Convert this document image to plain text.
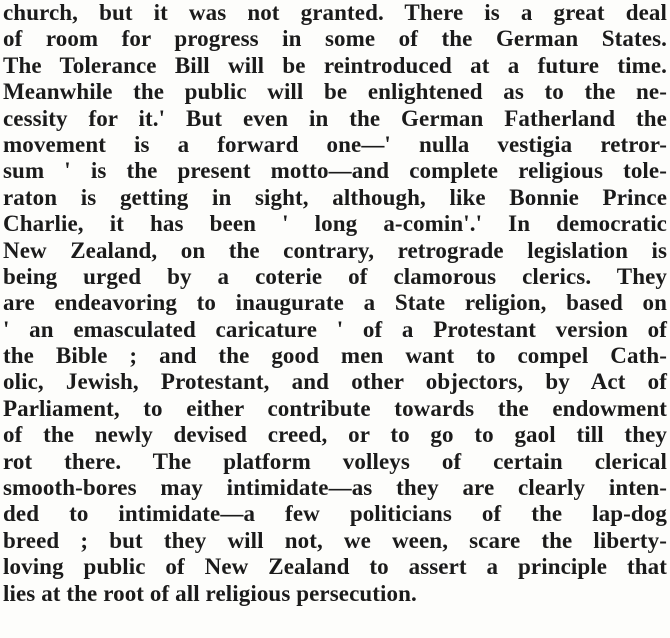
church, but it was not granted. There is a great deal
of room for progress in some of the German States.
The Tolerance Bill will be reintroduced at a future time.
Meanwhile the public will be enlightened as to the ne-
cessity for it.' But even in the German Fatherland the
movement is a forward one—' nulla vestigia retror-
sum ' is the present motto—and complete religious tole-
raton is getting in sight, although, like Bonnie Prince
Charlie, it has been ' long a-comin'.' In democratic
New Zealand, on the contrary, retrograde legislation is
being urged by a coterie of clamorous clerics. They
are endeavoring to inaugurate a State religion, based on
' an emasculated caricature ' of a Protestant version of
the Bible ; and the good men want to compel Cath-
olic, Jewish, Protestant, and other objectors, by Act of
Parliament, to either contribute towards the endowment
of the newly devised creed, or to go to gaol till they
rot there. The platform volleys of certain clerical
smooth-bores may intimidate—as they are clearly inten-
ded to intimidate—a few politicians of the lap-dog
breed ; but they will not, we ween, scare the liberty-
loving public of New Zealand to assert a principle that
lies at the root of all religious persecution.
